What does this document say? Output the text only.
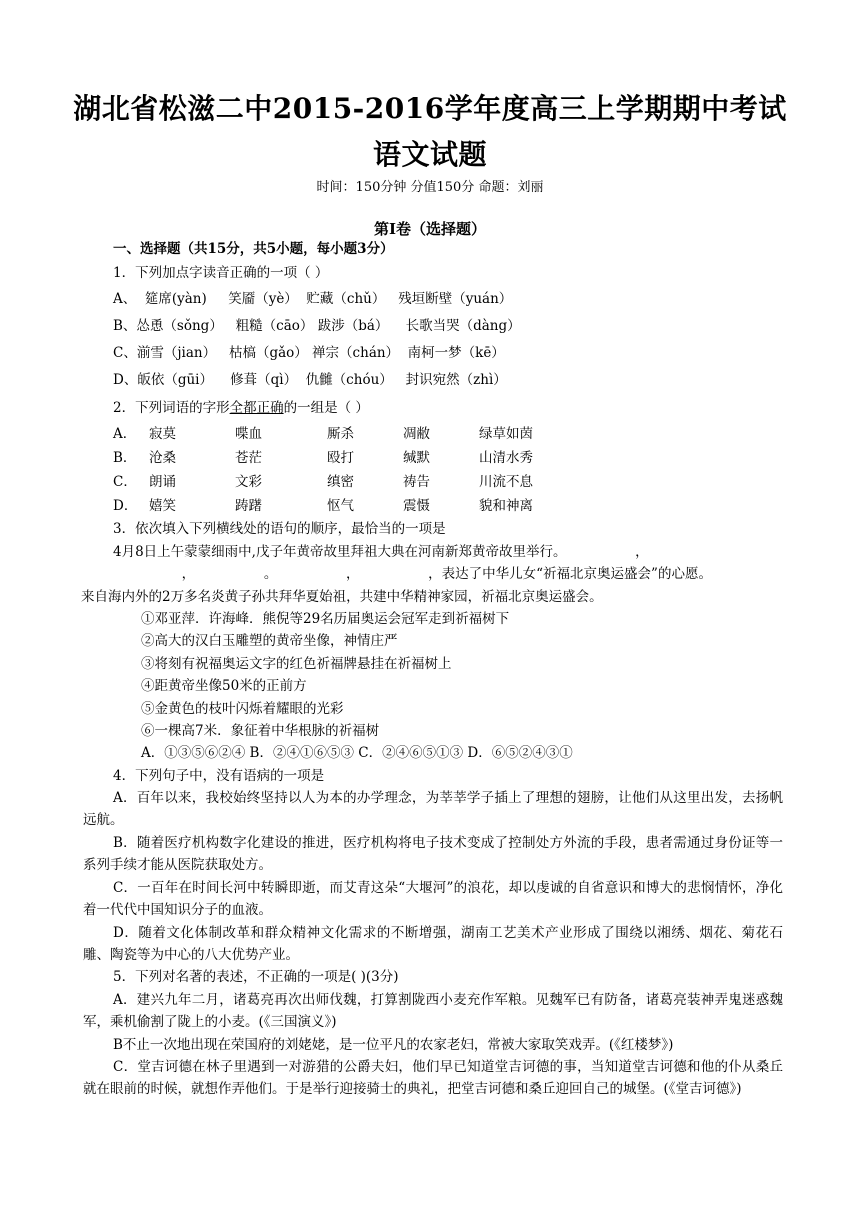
湖北省松滋二中2015-2016学年度高三上学期期中考试语文试题
时间：150分钟 分值150分 命题：刘丽
第Ⅰ卷（选择题）
一、选择题（共15分，共5小题，每小题3分）
1．下列加点字读音正确的一项（ ）
A、  筵席(yàn)     笑靥（yè）  贮藏（chǔ）   残垣断壁（yuán）
B、怂恿（sǒng）   粗糙（cāo） 跋涉（bá）    长歌当哭（dàng）
C、湔雪（jian）   枯槁（gǎo） 禅宗（chán）  南柯一梦（kē）
D、皈依（gūi）    修葺（qì）  仇雠（chóu）   封识宛然（zhì）
2．下列词语的字形全都正确的一组是（ ）
A． 寂莫	喋血	厮杀	凋敝	绿草如茵
B． 沧桑	苍茫	殴打	缄默	山清水秀
C． 朗诵	文彩	缜密	祷告	川流不息
D． 嬉笑	踌躇	怄气	震慑	貌和神离
3．依次填入下列横线处的语句的顺序，最恰当的一项是
4月8日上午蒙蒙细雨中,戊子年黄帝故里拜祖大典在河南新郑黄帝故里举行。                ，
，                。                ，                ，表达了中华儿女“祈福北京奥运盛会”的心愿。
来自海内外的2万多名炎黄子孙共拜华夏始祖，共建中华精神家园，祈福北京奥运盛会。
①邓亚萍．许海峰．熊倪等29名历届奥运会冠军走到祈福树下
②高大的汉白玉雕塑的黄帝坐像，神情庄严
③将刻有祝福奥运文字的红色祈福牌悬挂在祈福树上
④距黄帝坐像50米的正前方
⑤金黄色的枝叶闪烁着耀眼的光彩
⑥一棵高7米．象征着中华根脉的祈福树
A．①③⑤⑥②④ B．②④①⑥⑤③ C．②④⑥⑤①③ D．⑥⑤②④③①
4．下列句子中，没有语病的一项是
A．百年以来，我校始终坚持以人为本的办学理念，为莘莘学子插上了理想的翅膀，让他们从这里出发，去扬帆远航。
B．随着医疗机构数字化建设的推进，医疗机构将电子技术变成了控制处方外流的手段，患者需通过身份证等一系列手续才能从医院获取处方。
C．一百年在时间长河中转瞬即逝，而艾青这朵“大堰河”的浪花，却以虔诚的自省意识和博大的悲悯情怀，净化着一代代中国知识分子的血液。
D．随着文化体制改革和群众精神文化需求的不断增强，湖南工艺美术产业形成了围绕以湘绣、烟花、菊花石雕、陶瓷等为中心的八大优势产业。
5．下列对名著的表述，不正确的一项是( )(3分)
A．建兴九年二月，诸葛亮再次出师伐魏，打算割陇西小麦充作军粮。见魏军已有防备，诸葛亮装神弄鬼迷惑魏军，乘机偷割了陇上的小麦。(《三国演义》)
B不止一次地出现在荣国府的刘姥姥，是一位平凡的农家老妇，常被大家取笑戏弄。(《红楼梦》)
C．堂吉诃德在林子里遇到一对游猎的公爵夫妇，他们早已知道堂吉诃德的事，当知道堂吉诃德和他的仆从桑丘就在眼前的时候，就想作弄他们。于是举行迎接骑士的典礼，把堂吉诃德和桑丘迎回自己的城堡。(《堂吉诃德》)
